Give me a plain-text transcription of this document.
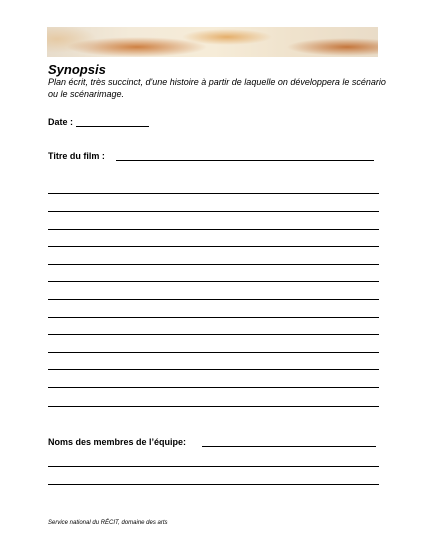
Synopsis
Plan écrit, très succinct, d'une histoire à partir de laquelle on développera le scénario ou le scénarimage.
Date :
Titre du film :
Noms des membres de l’équipe:
Service national du RÉCIT, domaine des arts
